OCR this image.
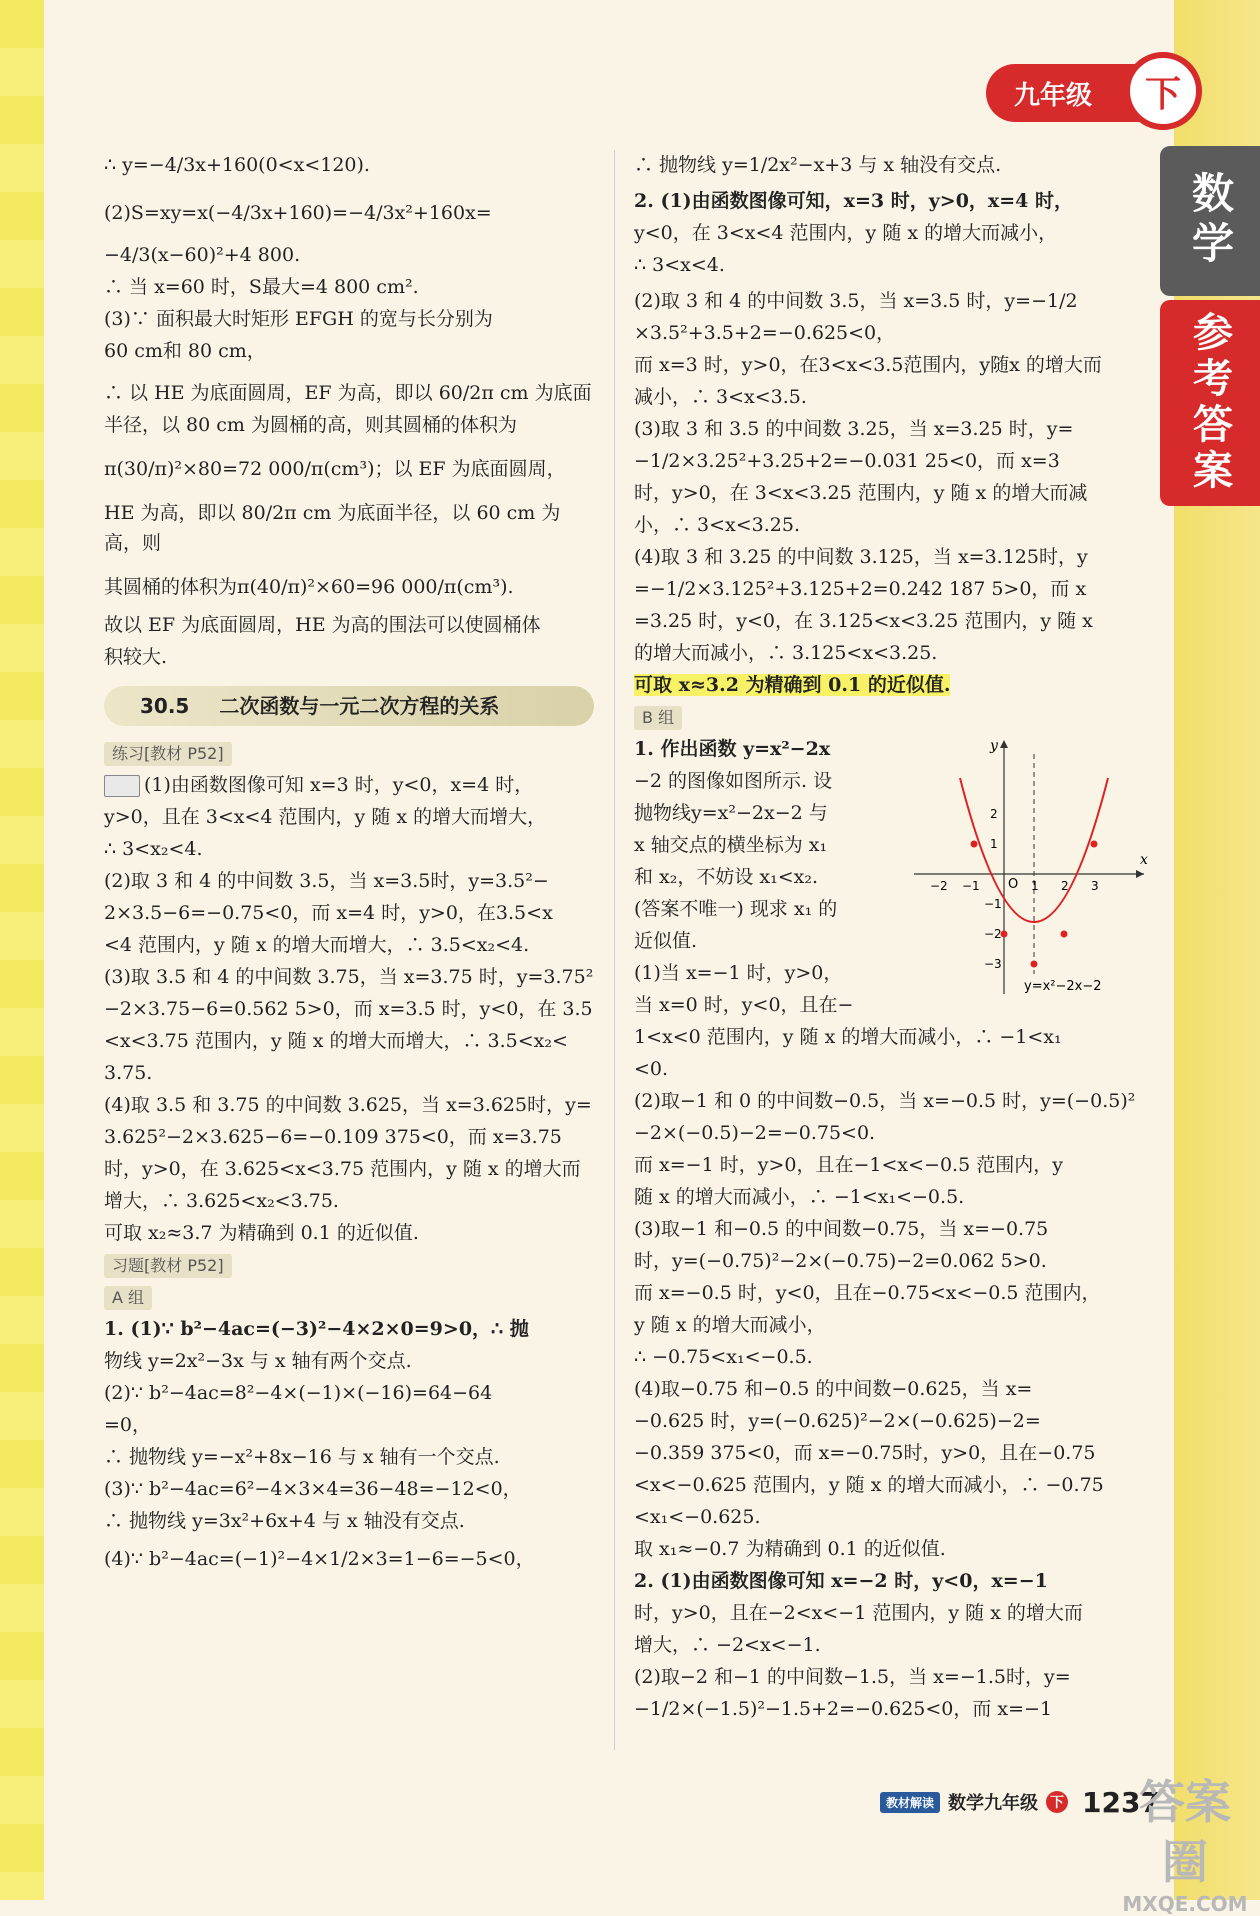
九年级	下
数学
参考答案

∴ y=−4/3x+160(0<x<120).

(2)S=xy=x(−4/3x+160)=−4/3x²+160x=

−4/3(x−60)²+4 800.

∴ 当 x=60 时，S最大=4 800 cm².

(3)∵ 面积最大时矩形 EFGH 的宽与长分别为

60 cm和 80 cm，

∴ 以 HE 为底面圆周，EF 为高，即以 60/2π cm 为底面

半径，以 80 cm 为圆桶的高，则其圆桶的体积为

π(30/π)²×80=72 000/π(cm³)；以 EF 为底面圆周，

HE 为高，即以 80/2π cm 为底面半径，以 60 cm 为高，则

其圆桶的体积为π(40/π)²×60=96 000/π(cm³).

故以 EF 为底面圆周，HE 为高的围法可以使圆桶体

积较大.

30.5 二次函数与一元二次方程的关系

练习[教材 P52]

(1)由函数图像可知 x=3 时，y<0，x=4 时，

y>0，且在 3<x<4 范围内，y 随 x 的增大而增大，

∴ 3<x₂<4.

(2)取 3 和 4 的中间数 3.5，当 x=3.5时，y=3.5²−

2×3.5−6=−0.75<0，而 x=4 时，y>0，在3.5<x

<4 范围内，y 随 x 的增大而增大，∴ 3.5<x₂<4.

(3)取 3.5 和 4 的中间数 3.75，当 x=3.75 时，y=3.75²

−2×3.75−6=0.562 5>0，而 x=3.5 时，y<0，在 3.5

<x<3.75 范围内，y 随 x 的增大而增大，∴ 3.5<x₂<

3.75.

(4)取 3.5 和 3.75 的中间数 3.625，当 x=3.625时，y=

3.625²−2×3.625−6=−0.109 375<0，而 x=3.75

时，y>0，在 3.625<x<3.75 范围内，y 随 x 的增大而

增大，∴ 3.625<x₂<3.75.

可取 x₂≈3.7 为精确到 0.1 的近似值.

习题[教材 P52]

A 组

1. (1)∵ b²−4ac=(−3)²−4×2×0=9>0，∴ 抛

物线 y=2x²−3x 与 x 轴有两个交点.

(2)∵ b²−4ac=8²−4×(−1)×(−16)=64−64

=0，

∴ 抛物线 y=−x²+8x−16 与 x 轴有一个交点.

(3)∵ b²−4ac=6²−4×3×4=36−48=−12<0，

∴ 抛物线 y=3x²+6x+4 与 x 轴没有交点.

(4)∵ b²−4ac=(−1)²−4×1/2×3=1−6=−5<0，

∴ 抛物线 y=1/2x²−x+3 与 x 轴没有交点.

2. (1)由函数图像可知，x=3 时，y>0，x=4 时，

y<0，在 3<x<4 范围内，y 随 x 的增大而减小，

∴ 3<x<4.

(2)取 3 和 4 的中间数 3.5，当 x=3.5 时，y=−1/2

×3.5²+3.5+2=−0.625<0，

而 x=3 时，y>0，在3<x<3.5范围内，y随x 的增大而

减小，∴ 3<x<3.5.

(3)取 3 和 3.5 的中间数 3.25，当 x=3.25 时，y=

−1/2×3.25²+3.25+2=−0.031 25<0，而 x=3

时，y>0，在 3<x<3.25 范围内，y 随 x 的增大而减

小，∴ 3<x<3.25.

(4)取 3 和 3.25 的中间数 3.125，当 x=3.125时，y

=−1/2×3.125²+3.125+2=0.242 187 5>0，而 x

=3.25 时，y<0，在 3.125<x<3.25 范围内，y 随 x

的增大而减小，∴ 3.125<x<3.25.

可取 x≈3.2 为精确到 0.1 的近似值.

B 组

1. 作出函数 y=x²−2x

−2 的图像如图所示. 设

抛物线y=x²−2x−2 与

x 轴交点的横坐标为 x₁

和 x₂，不妨设 x₁<x₂.

(答案不唯一) 现求 x₁ 的

近似值.

(1)当 x=−1 时，y>0，

当 x=0 时，y<0，且在−

O
x
y
−2 −1	1 2 3
2
1
−1
−2
−3
y=x²−2x−2

1<x<0 范围内，y 随 x 的增大而减小，∴ −1<x₁

<0.

(2)取−1 和 0 的中间数−0.5，当 x=−0.5 时，y=(−0.5)²

−2×(−0.5)−2=−0.75<0.

而 x=−1 时，y>0，且在−1<x<−0.5 范围内，y

随 x 的增大而减小，∴ −1<x₁<−0.5.

(3)取−1 和−0.5 的中间数−0.75，当 x=−0.75

时，y=(−0.75)²−2×(−0.75)−2=0.062 5>0.

而 x=−0.5 时，y<0，且在−0.75<x<−0.5 范围内，

y 随 x 的增大而减小，

∴ −0.75<x₁<−0.5.

(4)取−0.75 和−0.5 的中间数−0.625，当 x=

−0.625 时，y=(−0.625)²−2×(−0.625)−2=

−0.359 375<0，而 x=−0.75时，y>0，且在−0.75

<x<−0.625 范围内，y 随 x 的增大而减小，∴ −0.75

<x₁<−0.625.

取 x₁≈−0.7 为精确到 0.1 的近似值.

2. (1)由函数图像可知 x=−2 时，y<0，x=−1

时，y>0，且在−2<x<−1 范围内，y 随 x 的增大而

增大，∴ −2<x<−1.

(2)取−2 和−1 的中间数−1.5，当 x=−1.5时，y=

−1/2×(−1.5)²−1.5+2=−0.625<0，而 x=−1

教材解读 数学九年级 下 1237
答案圈
MXQE.COM
